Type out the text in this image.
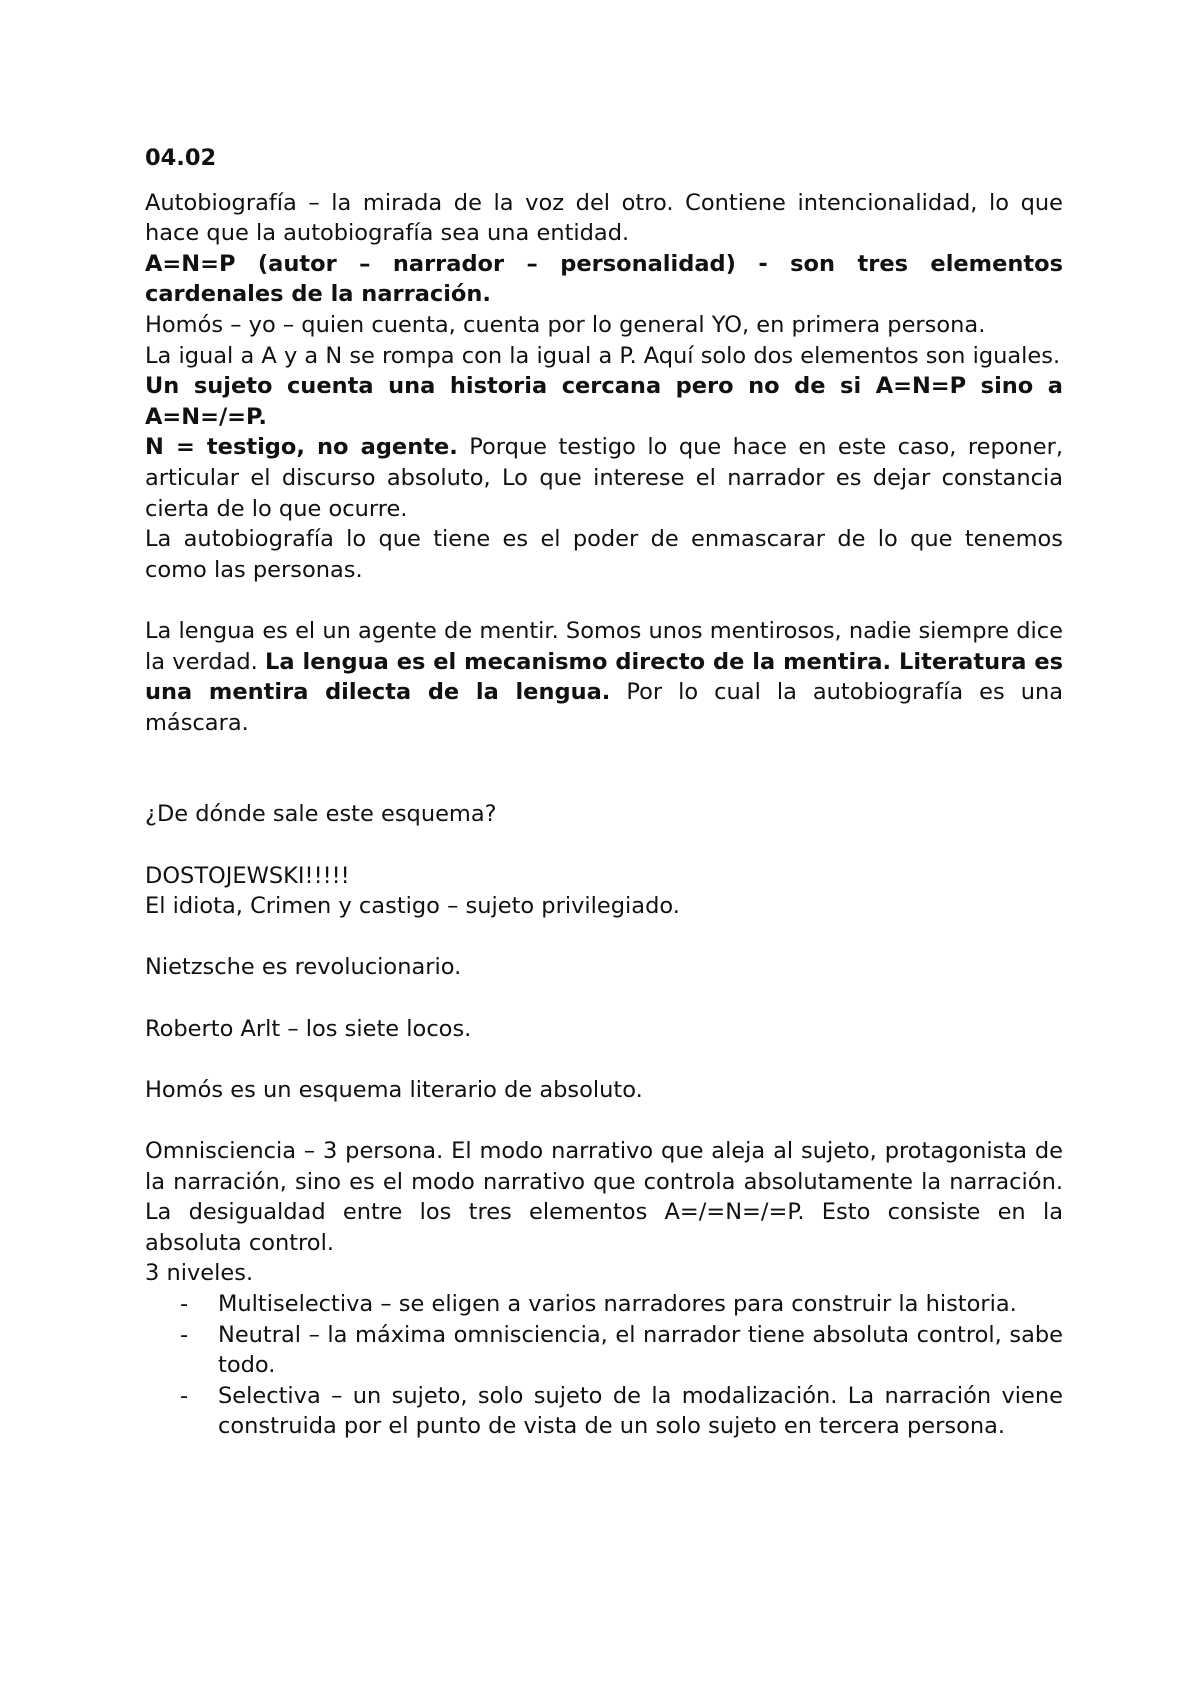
04.02

Autobiografía – la mirada de la voz del otro. Contiene intencionalidad, lo que hace que la autobiografía sea una entidad.

A=N=P (autor – narrador – personalidad) - son tres elementos cardenales de la narración.

Homós – yo – quien cuenta, cuenta por lo general YO, en primera persona.

La igual a A y a N se rompa con la igual a P. Aquí solo dos elementos son iguales.

Un sujeto cuenta una historia cercana pero no de si A=N=P sino a A=N=/=P.

N = testigo, no agente. Porque testigo lo que hace en este caso, reponer, articular el discurso absoluto, Lo que interese el narrador es dejar constancia cierta de lo que ocurre.

La autobiografía lo que tiene es el poder de enmascarar de lo que tenemos como las personas.

La lengua es el un agente de mentir. Somos unos mentirosos, nadie siempre dice la verdad. La lengua es el mecanismo directo de la mentira. Literatura es una mentira dilecta de la lengua. Por lo cual la autobiografía es una máscara.

¿De dónde sale este esquema?

DOSTOJEWSKI!!!!!

El idiota, Crimen y castigo – sujeto privilegiado.

Nietzsche es revolucionario.

Roberto Arlt – los siete locos.

Homós es un esquema literario de absoluto.

Omnisciencia – 3 persona. El modo narrativo que aleja al sujeto, protagonista de la narración, sino es el modo narrativo que controla absolutamente la narración. La desigualdad entre los tres elementos A=/=N=/=P. Esto consiste en la absoluta control.

3 niveles.

- Multiselectiva – se eligen a varios narradores para construir la historia.
- Neutral – la máxima omnisciencia, el narrador tiene absoluta control, sabe todo.
- Selectiva – un sujeto, solo sujeto de la modalización. La narración viene construida por el punto de vista de un solo sujeto en tercera persona.
